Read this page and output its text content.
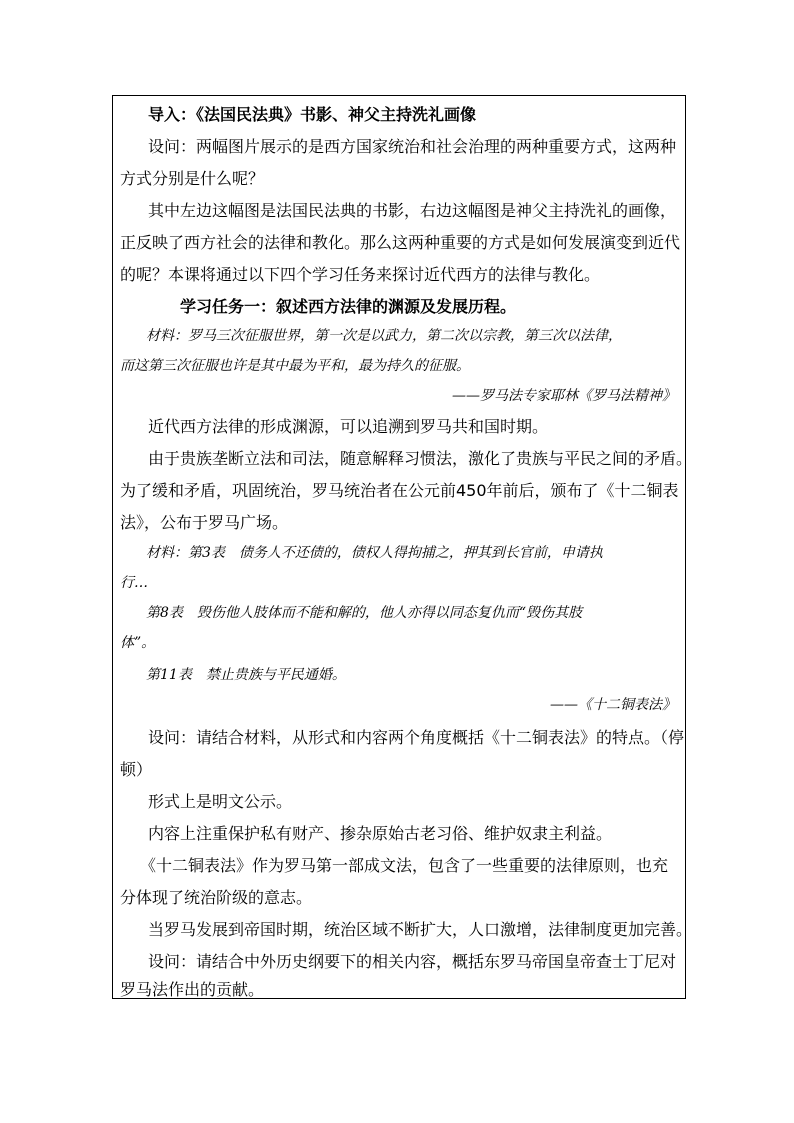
导入：《法国民法典》书影、神父主持洗礼画像

设问：两幅图片展示的是西方国家统治和社会治理的两种重要方式，这两种

方式分别是什么呢？

其中左边这幅图是法国民法典的书影，右边这幅图是神父主持洗礼的画像，

正反映了西方社会的法律和教化。那么这两种重要的方式是如何发展演变到近代

的呢？本课将通过以下四个学习任务来探讨近代西方的法律与教化。

学习任务一：叙述西方法律的渊源及发展历程。

材料：罗马三次征服世界，第一次是以武力，第二次以宗教，第三次以法律，

而这第三次征服也许是其中最为平和，最为持久的征服。

——罗马法专家耶林《罗马法精神》

近代西方法律的形成渊源，可以追溯到罗马共和国时期。

由于贵族垄断立法和司法，随意解释习惯法，激化了贵族与平民之间的矛盾。

为了缓和矛盾，巩固统治，罗马统治者在公元前450年前后，颁布了《十二铜表

法》，公布于罗马广场。

材料：第3表　债务人不还债的，债权人得拘捕之，押其到长官前，申请执

行…

第8表　毁伤他人肢体而不能和解的，他人亦得以同态复仇而“毁伤其肢

体”。

第11表　禁止贵族与平民通婚。

——《十二铜表法》

设问：请结合材料，从形式和内容两个角度概括《十二铜表法》的特点。（停

顿）

形式上是明文公示。

内容上注重保护私有财产、掺杂原始古老习俗、维护奴隶主利益。

《十二铜表法》作为罗马第一部成文法，包含了一些重要的法律原则，也充

分体现了统治阶级的意志。

当罗马发展到帝国时期，统治区域不断扩大，人口激增，法律制度更加完善。

设问：请结合中外历史纲要下的相关内容，概括东罗马帝国皇帝查士丁尼对

罗马法作出的贡献。
